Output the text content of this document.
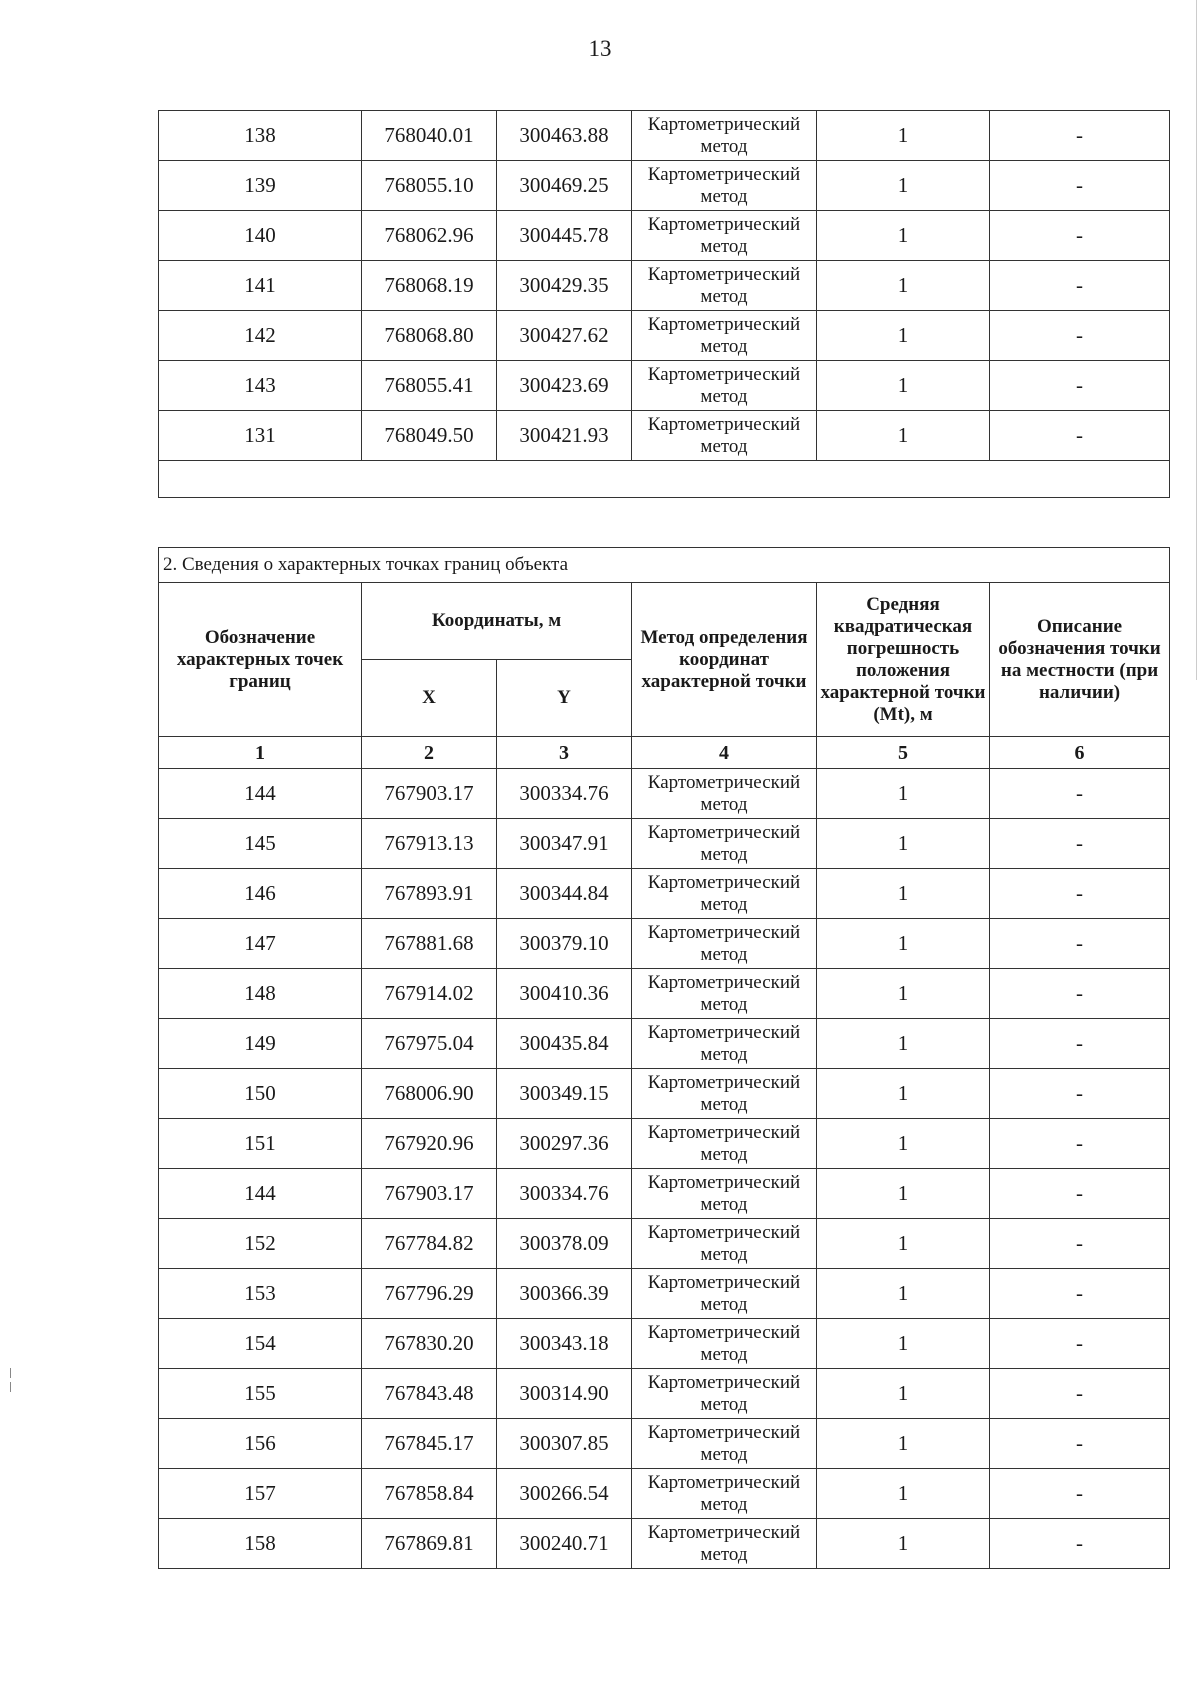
13
138	768040.01	300463.88	Картометрический метод	1	-
139	768055.10	300469.25	Картометрический метод	1	-
140	768062.96	300445.78	Картометрический метод	1	-
141	768068.19	300429.35	Картометрический метод	1	-
142	768068.80	300427.62	Картометрический метод	1	-
143	768055.41	300423.69	Картометрический метод	1	-
131	768049.50	300421.93	Картометрический метод	1	-

2. Сведения о характерных точках границ объекта					
Обозначение характерных точек границ	Координаты, м		Метод определения координат характерной точки	Средняя квадратическая погрешность положения характерной точки (Mt), м	Описание обозначения точки на местности (при наличии)
	X	Y			
1	2	3	4	5	6
144	767903.17	300334.76	Картометрический метод	1	-
145	767913.13	300347.91	Картометрический метод	1	-
146	767893.91	300344.84	Картометрический метод	1	-
147	767881.68	300379.10	Картометрический метод	1	-
148	767914.02	300410.36	Картометрический метод	1	-
149	767975.04	300435.84	Картометрический метод	1	-
150	768006.90	300349.15	Картометрический метод	1	-
151	767920.96	300297.36	Картометрический метод	1	-
144	767903.17	300334.76	Картометрический метод	1	-
152	767784.82	300378.09	Картометрический метод	1	-
153	767796.29	300366.39	Картометрический метод	1	-
154	767830.20	300343.18	Картометрический метод	1	-
155	767843.48	300314.90	Картометрический метод	1	-
156	767845.17	300307.85	Картометрический метод	1	-
157	767858.84	300266.54	Картометрический метод	1	-
158	767869.81	300240.71	Картометрический метод	1	-
